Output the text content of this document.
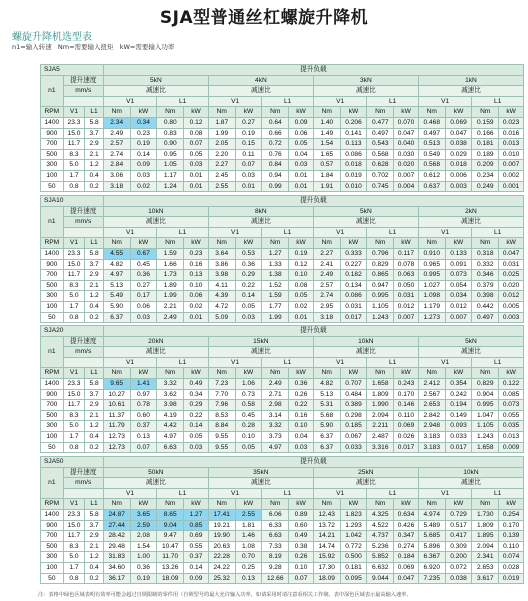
SJA型普通丝杠螺旋升降机
螺旋升降机选型表
n1=输入转速   Nm=需要输入扭矩   kW=需要输入功率
SJA5			提升负载															
n1	提升速度		5kN				4kN				3kN				1kN			
	mm/s		减速比				减速比				减速比				减速比			
			V1		L1		V1		L1		V1		L1		V1		L1	
RPM	V1	L1	Nm	kW	Nm	kW	Nm	kW	Nm	kW	Nm	kW	Nm	kW	Nm	kW	Nm	kW
1400	23.3	5.8	2.34	0.34	0.80	0.12	1.87	0.27	0.64	0.09	1.40	0.206	0.477	0.070	0.468	0.069	0.159	0.023
900	15.0	3.7	2.49	0.23	0.83	0.08	1.99	0.19	0.66	0.06	1.49	0.141	0.497	0.047	0.497	0.047	0.166	0.016
700	11.7	2.9	2.57	0.19	0.90	0.07	2.05	0.15	0.72	0.05	1.54	0.113	0.543	0.040	0.513	0.038	0.181	0.013
500	8.3	2.1	2.74	0.14	0.95	0.05	2.20	0.11	0.76	0.04	1.65	0.086	0.568	0.030	0.549	0.029	0.189	0.010
300	5.0	1.2	2.84	0.09	1.05	0.03	2.27	0.07	0.84	0.03	0.57	0.018	0.628	0.020	0.568	0.018	0.209	0.007
100	1.7	0.4	3.06	0.03	1.17	0.01	2.45	0.03	0.94	0.01	1.84	0.019	0.702	0.007	0.612	0.006	0.234	0.002
50	0.8	0.2	3.18	0.02	1.24	0.01	2.55	0.01	0.99	0.01	1.91	0.010	0.745	0.004	0.637	0.003	0.249	0.001
SJA10			提升负载															
n1	提升速度		10kN				8kN				5kN				2kN			
	mm/s		减速比				减速比				减速比				减速比			
			V1		L1		V1		L1		V1		L1		V1		L1	
RPM	V1	L1	Nm	kW	Nm	kW	Nm	kW	Nm	kW	Nm	kW	Nm	kW	Nm	kW	Nm	kW
1400	23.3	5.8	4.55	0.67	1.59	0.23	3.64	0.53	1.27	0.19	2.27	0.333	0.796	0.117	0.910	0.133	0.318	0.047
900	15.0	3.7	4.82	0.45	1.66	0.16	3.86	0.36	1.33	0.12	2.41	0.227	0.829	0.078	0.965	0.091	0.332	0.031
700	11.7	2.9	4.97	0.36	1.73	0.13	3.98	0.29	1.38	0.10	2.49	0.182	0.865	0.063	0.995	0.073	0.346	0.025
500	8.3	2.1	5.13	0.27	1.89	0.10	4.11	0.22	1.52	0.08	2.57	0.134	0.947	0.050	1.027	0.054	0.379	0.020
300	5.0	1.2	5.49	0.17	1.99	0.06	4.39	0.14	1.59	0.05	2.74	0.086	0.995	0.031	1.098	0.034	0.398	0.012
100	1.7	0.4	5.90	0.06	2.21	0.02	4.72	0.05	1.77	0.02	2.95	0.031	1.105	0.012	1.179	0.012	0.442	0.005
50	0.8	0.2	6.37	0.03	2.49	0.01	5.09	0.03	1.99	0.01	3.18	0.017	1.243	0.007	1.273	0.007	0.497	0.003
SJA20			提升负载															
n1	提升速度		20kN				15kN				10kN				5kN			
	mm/s		减速比				减速比				减速比				减速比			
			V1		L1		V1		L1		V1		L1		V1		L1	
RPM	V1	L1	Nm	kW	Nm	kW	Nm	kW	Nm	kW	Nm	kW	Nm	kW	Nm	kW	Nm	kW
1400	23.3	5.8	9.65	1.41	3.32	0.49	7.23	1.06	2.49	0.36	4.82	0.707	1.658	0.243	2.412	0.354	0.829	0.122
900	15.0	3.7	10.27	0.97	3.62	0.34	7.70	0.73	2.71	0.26	5.13	0.484	1.809	0.170	2.567	0.242	0.904	0.085
700	11.7	2.9	10.61	0.78	3.98	0.29	7.96	0.58	2.98	0.22	5.31	0.389	1.990	0.146	2.653	0.194	0.995	0.073
500	8.3	2.1	11.37	0.60	4.19	0.22	8.53	0.45	3.14	0.16	5.68	0.298	2.094	0.110	2.842	0.149	1.047	0.055
300	5.0	1.2	11.79	0.37	4.42	0.14	8.84	0.28	3.32	0.10	5.90	0.185	2.211	0.069	2.948	0.093	1.105	0.035
100	1.7	0.4	12.73	0.13	4.97	0.05	9.55	0.10	3.73	0.04	6.37	0.067	2.487	0.026	3.183	0.033	1.243	0.013
50	0.8	0.2	12.73	0.07	6.63	0.03	9.55	0.05	4.97	0.03	6.37	0.033	3.316	0.017	3.183	0.017	1.658	0.009
SJA50			提升负载															
n1	提升速度		50kN				35kN				25kN				10kN			
	mm/s		减速比				减速比				减速比				减速比			
			V1		L1		V1		L1		V1		L1		V1		L1	
RPM	V1	L1	Nm	kW	Nm	kW	Nm	kW	Nm	kW	Nm	kW	Nm	kW	Nm	kW	Nm	kW
1400	23.3	5.8	24.87	3.65	8.65	1.27	17.41	2.55	6.06	0.89	12.43	1.823	4.325	0.634	4.974	0.729	1.730	0.254
900	15.0	3.7	27.44	2.59	9.04	0.85	19.21	1.81	6.33	0.60	13.72	1.293	4.522	0.426	5.489	0.517	1.809	0.170
700	11.7	2.9	28.42	2.08	9.47	0.69	19.90	1.46	6.63	0.49	14.21	1.042	4.737	0.347	5.685	0.417	1.895	0.139
500	8.3	2.1	29.48	1.54	10.47	0.55	20.63	1.08	7.33	0.38	14.74	0.772	5.236	0.274	5.896	0.309	2.094	0.110
300	5.0	1.2	31.83	1.00	11.70	0.37	22.28	0.70	8.19	0.26	15.92	0.500	5.852	0.184	6.367	0.200	2.341	0.074
100	1.7	0.4	34.60	0.36	13.26	0.14	24.22	0.25	9.28	0.10	17.30	0.181	6.632	0.069	6.920	0.072	2.653	0.028
50	0.8	0.2	36.17	0.19	18.09	0.09	25.32	0.13	12.66	0.07	18.09	0.095	9.044	0.047	7.235	0.038	3.617	0.019
注：表格中绿色区域表明有效率可能会超过自锁限制的零件用（自锁型号的最大允许输入功率，如请采用时请注意看相关工作制。表中深色区域表示最高输入速率。
